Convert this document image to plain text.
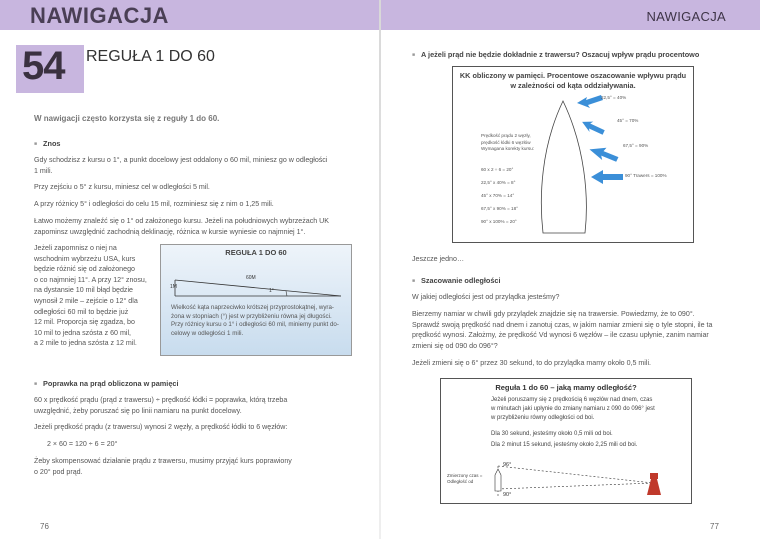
NAWIGACJA	NAWIGACJA
54 REGUŁA 1 DO 60
W nawigacji często korzysta się z reguły 1 do 60.
■ Znos
Gdy schodzisz z kursu o 1°, a punkt docelowy jest oddalony o 60 mil, miniesz go w odległości
1 mili.
Przy zejściu o 5° z kursu, miniesz cel w odległości 5 mil.
A przy różnicy 5° i odległości do celu 15 mil, rozminiesz się z nim o 1,25 mili.
Łatwo możemy znaleźć się o 1° od założonego kursu. Jeżeli na południowych wybrzeżach UK
zapominsz uwzględnić zachodnią deklinację, różnica w kursie wyniesie co najmniej 1°.
Jeżeli zapomnisz o niej na
wschodnim wybrzeżu USA, kurs
będzie różnić się od założonego
o co najmniej 11°. A przy 12° znosu,
na dystansie 10 mil błąd będzie
wynosił 2 mile – zejście o 12° dla
odległości 60 mil to będzie już
12 mil. Proporcja się zgadza, bo
10 mil to jedna szósta z 60 mil,
a 2 mile to jedna szósta z 12 mil.
REGUŁA 1 DO 60
60M
1M
1°
Wielkość kąta naprzeciwko krótszej przyprostokątnej, wyra-
żona w stopniach (°) jest w przybliżeniu równa jej długości.
Przy różnicy kursu o 1° i odległości 60 mil, miniemy punkt do-
celowy w odległości 1 mili.
■ Poprawka na prąd obliczona w pamięci
60 x prędkość prądu (prąd z trawersu) ÷ prędkość łódki = poprawka, którą trzeba
uwzględnić, żeby poruszać się po linii namiaru na punkt docelowy.
Jeżeli prędkość prądu (z trawersu) wynosi 2 węzły, a prędkość łódki to 6 węzłów:
2 × 60 = 120 ÷ 6 = 20°
Żeby skompensować działanie prądu z trawersu, musimy przyjąć kurs poprawiony
o 20° pod prąd.
76
■ A jeżeli prąd nie będzie dokładnie z trawersu? Oszacuj wpływ prądu procentowo
KK obliczony w pamięci. Procentowe oszacowanie wpływu prądu
w zależności od kąta oddziaływania.
22,5° = 40%
45° = 70%
67,5° = 90%
90° Trawers = 100%
Prędkość prądu 2 węzły,
prędkość łódki 6 węzłów
Wymagana korekty kursu:
60 x 2 ÷ 6 = 20°
22,5° x 40% = 8°
45° x 70% = 14°
67,5° x 90% = 18°
90° x 100% = 20°
Jeszcze jedno…
■ Szacowanie odległości
W jakiej odległości jest od przylądka jesteśmy?
Bierzemy namiar w chwili gdy przylądek znajdzie się na trawersie. Powiedzmy, że to 090°.
Sprawdź swoją prędkość nad dnem i zanotuj czas, w jakim namiar zmieni się o tyle stopni, ile ta
prędkość wynosi. Założmy, że prędkość Vd wynosi 6 węzłów – ile czasu upłynie, zanim namiar
zmieni się od 090 do 096°?
Jeżeli zmieni się o 6° przez 30 sekund, to do przylądka mamy około 0,5 mili.
Reguła 1 do 60 – jaką mamy odległość?
Jeżeli poruszamy się z prędkością 6 węzłów nad dnem, czas
w minutach jaki upłynie do zmiany namiaru z 090 do 096° jest
w przybliżeniu równy odległości od boi.
Dla 30 sekund, jesteśmy około 0,5 mili od boi.
Dla 2 minut 15 sekund, jesteśmy około 2,25 mili od boi.
96°
90°
Zmierzony czas =
Odległość od
77
